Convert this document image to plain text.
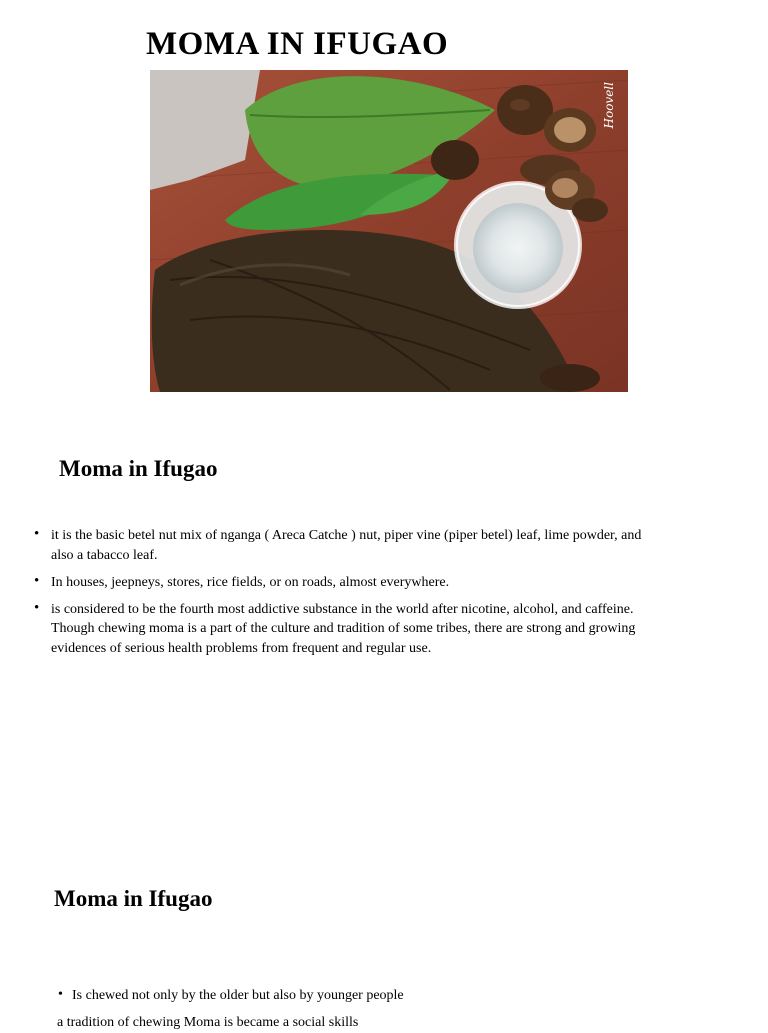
MOMA IN IFUGAO
Hoovell
Moma in Ifugao
• it is the basic betel nut mix of nganga ( Areca Catche ) nut, piper vine (piper betel) leaf, lime powder, and also a tabacco leaf.
• In houses, jeepneys, stores, rice fields, or on roads, almost everywhere.
• is considered to be the fourth most addictive substance in the world after nicotine, alcohol, and caffeine. Though chewing moma is a part of the culture and tradition of some tribes, there are strong and growing evidences of serious health problems from frequent and regular use.
Moma in Ifugao
• Is chewed not only by the older but also by younger people
a tradition of chewing Moma is became a social skills
